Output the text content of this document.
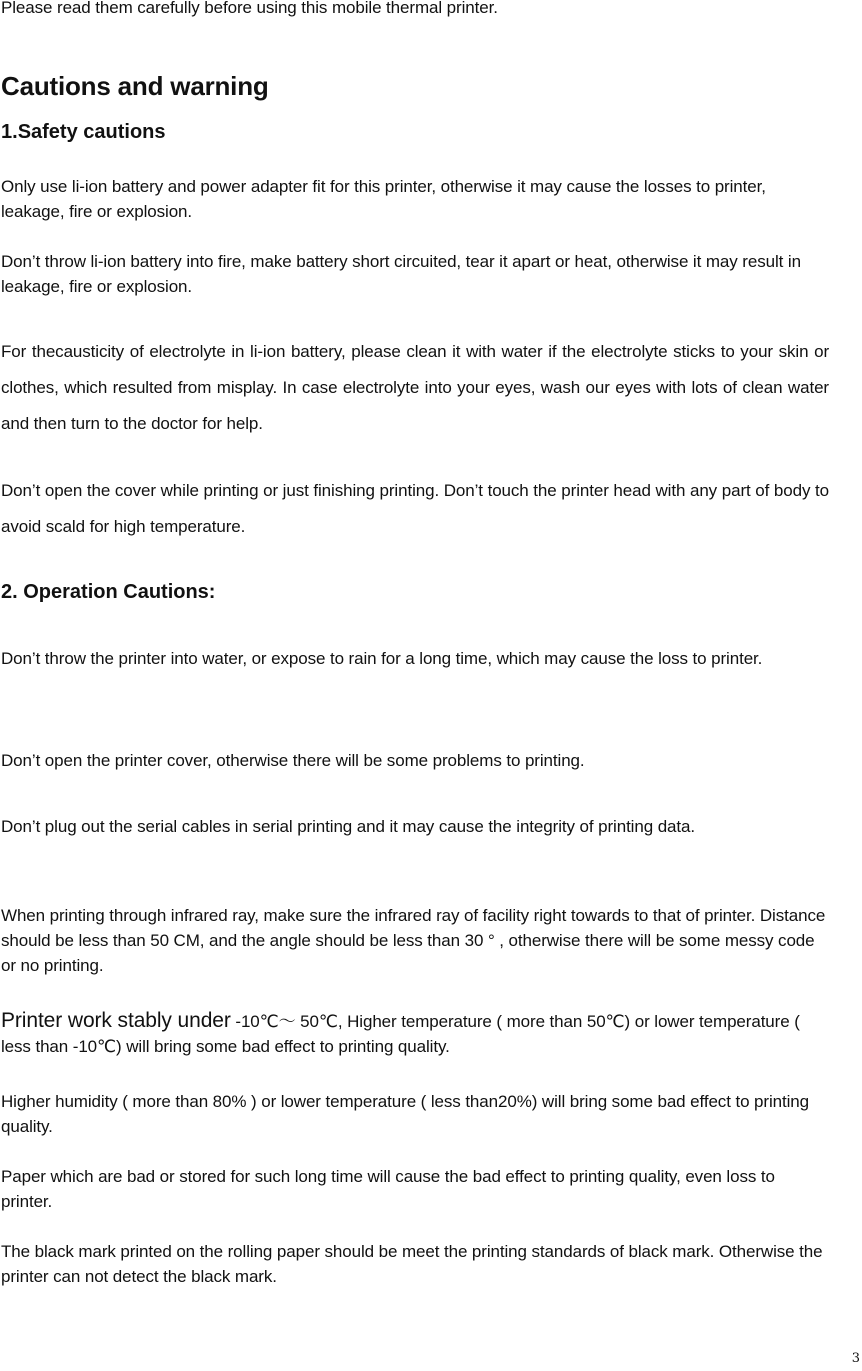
Please read them carefully before using this mobile thermal printer.

Cautions and warning
1.Safety cautions

Only use li-ion battery and power adapter fit for this printer, otherwise it may cause the losses to printer, leakage, fire or explosion.

Don’t throw li-ion battery into fire, make battery short circuited, tear it apart or heat, otherwise it may result in leakage, fire or explosion.

For thecausticity of electrolyte in li-ion battery, please clean it with water if the electrolyte sticks to your skin or clothes, which resulted from misplay. In case electrolyte into your eyes, wash our eyes with lots of clean water and then turn to the doctor for help.

Don’t open the cover while printing or just finishing printing. Don’t touch the printer head with any part of body to avoid scald for high temperature.

2. Operation Cautions:

Don’t throw the printer into water, or expose to rain for a long time, which may cause the loss to printer.

Don’t open the printer cover, otherwise there will be some problems to printing.

Don’t plug out the serial cables in serial printing and it may cause the integrity of printing data.

When printing through infrared ray, make sure the infrared ray of facility right towards to that of printer. Distance should be less than 50 CM, and the angle should be less than 30 ° , otherwise there will be some messy code or no printing.

Printer work stably under -10℃～ 50℃, Higher temperature ( more than 50℃) or lower temperature ( less than -10℃) will bring some bad effect to printing quality.

Higher humidity ( more than 80% ) or lower temperature ( less than20%) will bring some bad effect to printing quality.

Paper which are bad or stored for such long time will cause the bad effect to printing quality, even loss to printer.

The black mark printed on the rolling paper should be meet the printing standards of black mark. Otherwise the printer can not detect the black mark.

3
